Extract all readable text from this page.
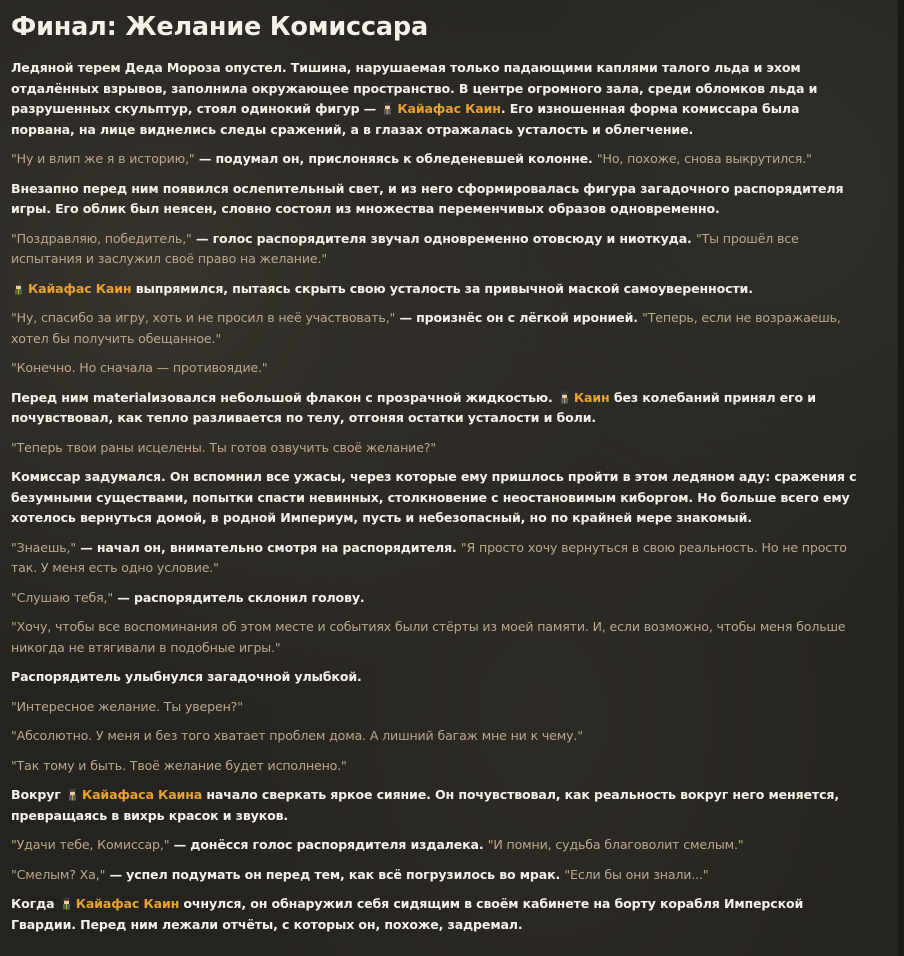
Финал: Желание Комиссара

Ледяной терем Деда Мороза опустел. Тишина, нарушаемая только падающими каплями талого льда и эхом отдалённых взрывов, заполнила окружающее пространство. В центре огромного зала, среди обломков льда и разрушенных скульптур, стоял одинокий фигур — Кайафас Каин. Его изношенная форма комиссара была порвана, на лице виднелись следы сражений, а в глазах отражалась усталость и облегчение.

"Ну и влип же я в историю," — подумал он, прислоняясь к обледеневшей колонне. "Но, похоже, снова выкрутился."

Внезапно перед ним появился ослепительный свет, и из него сформировалась фигура загадочного распорядителя игры. Его облик был неясен, словно состоял из множества переменчивых образов одновременно.

"Поздравляю, победитель," — голос распорядителя звучал одновременно отовсюду и ниоткуда. "Ты прошёл все испытания и заслужил своё право на желание."

Кайафас Каин выпрямился, пытаясь скрыть свою усталость за привычной маской самоуверенности.

"Ну, спасибо за игру, хоть и не просил в неё участвовать," — произнёс он с лёгкой иронией. "Теперь, если не возражаешь, хотел бы получить обещанное."

"Конечно. Но сначала — противоядие."

Перед ним materialизовался небольшой флакон с прозрачной жидкостью. Каин без колебаний принял его и почувствовал, как тепло разливается по телу, отгоняя остатки усталости и боли.

"Теперь твои раны исцелены. Ты готов озвучить своё желание?"

Комиссар задумался. Он вспомнил все ужасы, через которые ему пришлось пройти в этом ледяном аду: сражения с безумными существами, попытки спасти невинных, столкновение с неостановимым киборгом. Но больше всего ему хотелось вернуться домой, в родной Империум, пусть и небезопасный, но по крайней мере знакомый.

"Знаешь," — начал он, внимательно смотря на распорядителя. "Я просто хочу вернуться в свою реальность. Но не просто так. У меня есть одно условие."

"Слушаю тебя," — распорядитель склонил голову.

"Хочу, чтобы все воспоминания об этом месте и событиях были стёрты из моей памяти. И, если возможно, чтобы меня больше никогда не втягивали в подобные игры."

Распорядитель улыбнулся загадочной улыбкой.

"Интересное желание. Ты уверен?"

"Абсолютно. У меня и без того хватает проблем дома. А лишний багаж мне ни к чему."

"Так тому и быть. Твоё желание будет исполнено."

Вокруг Кайафаса Каина начало сверкать яркое сияние. Он почувствовал, как реальность вокруг него меняется, превращаясь в вихрь красок и звуков.

"Удачи тебе, Комиссар," — донёсся голос распорядителя издалека. "И помни, судьба благоволит смелым."

"Смелым? Ха," — успел подумать он перед тем, как всё погрузилось во мрак. "Если бы они знали..."

Когда Кайафас Каин очнулся, он обнаружил себя сидящим в своём кабинете на борту корабля Имперской Гвардии. Перед ним лежали отчёты, с которых он, похоже, задремал.
